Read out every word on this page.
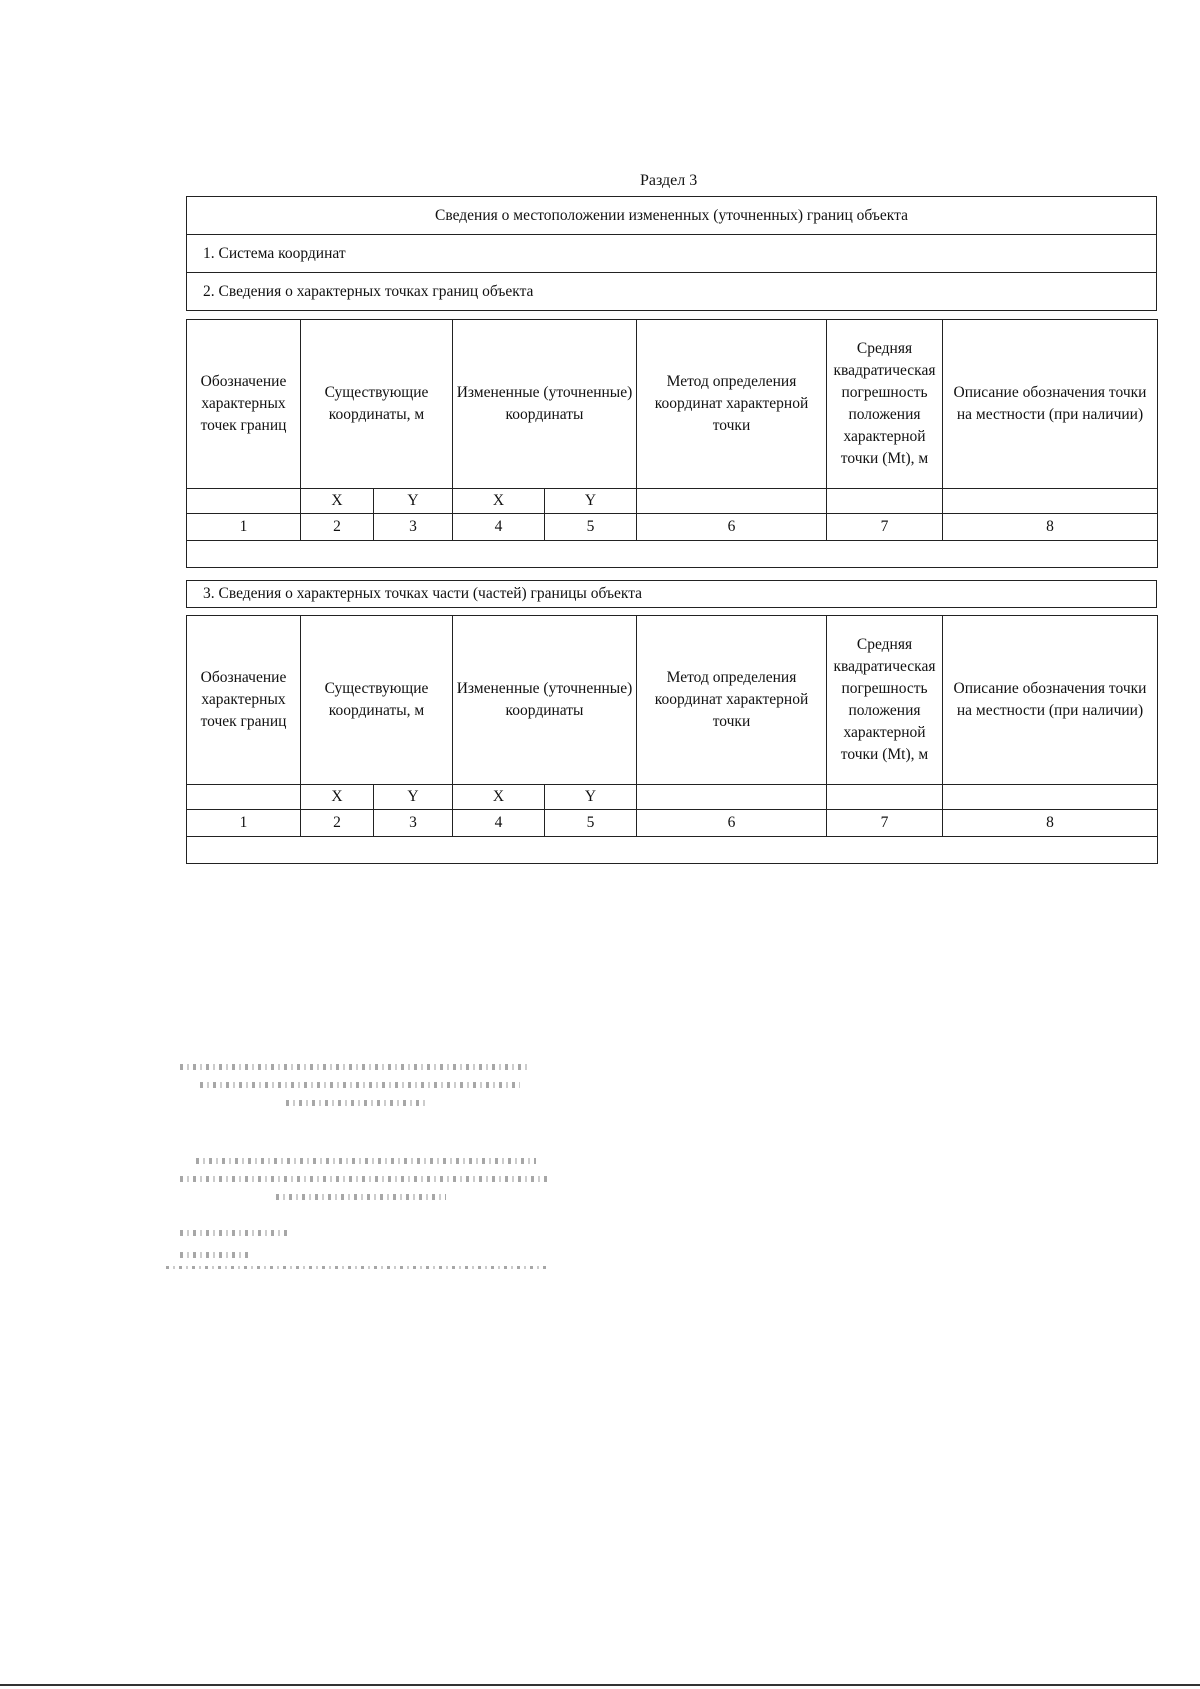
Раздел 3
Сведения о местоположении измененных (уточненных) границ объекта
1. Система координат
2. Сведения о характерных точках границ объекта
Обозначение характерных точек границ	Существующие координаты, м		Измененные (уточненные) координаты		Метод определения координат характерной точки	Средняя квадратическая погрешность положения характерной точки (Mt), м	Описание обозначения точки на местности (при наличии)
	X	Y	X	Y			
1	2	3	4	5	6	7	8

3. Сведения о характерных точках части (частей) границы объекта
Обозначение характерных точек границ	Существующие координаты, м		Измененные (уточненные) координаты		Метод определения координат характерной точки	Средняя квадратическая погрешность положения характерной точки (Mt), м	Описание обозначения точки на местности (при наличии)
	X	Y	X	Y			
1	2	3	4	5	6	7	8
